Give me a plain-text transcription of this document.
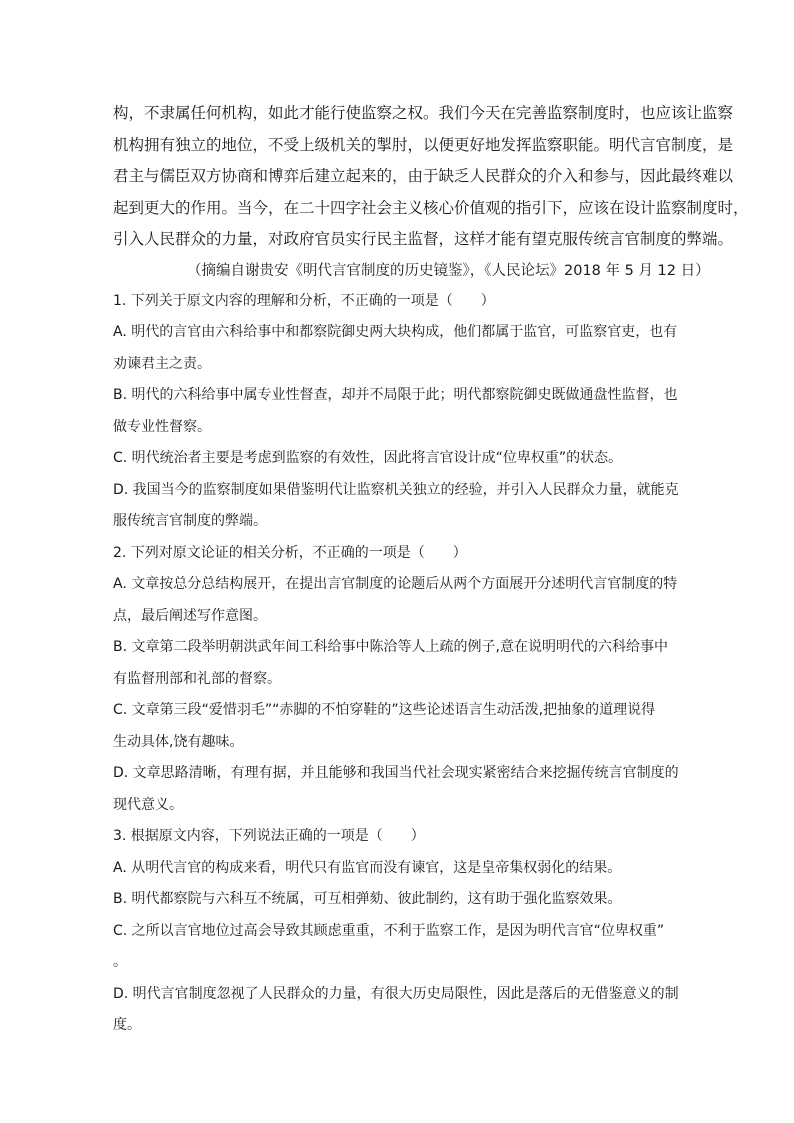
构，不隶属任何机构，如此才能行使监察之权。我们今天在完善监察制度时，也应该让监察
机构拥有独立的地位，不受上级机关的掣肘，以便更好地发挥监察职能。明代言官制度，是
君主与儒臣双方协商和博弈后建立起来的，由于缺乏人民群众的介入和参与，因此最终难以
起到更大的作用。当今，在二十四字社会主义核心价值观的指引下，应该在设计监察制度时，
引入人民群众的力量，对政府官员实行民主监督，这样才能有望克服传统言官制度的弊端。
（摘编自谢贵安《明代言官制度的历史镜鉴》，《人民论坛》2018 年 5 月 12 日）
1. 下列关于原文内容的理解和分析，不正确的一项是（　　）
A. 明代的言官由六科给事中和都察院御史两大块构成，他们都属于监官，可监察官吏，也有
劝谏君主之责。
B. 明代的六科给事中属专业性督查，却并不局限于此；明代都察院御史既做通盘性监督，也
做专业性督察。
C. 明代统治者主要是考虑到监察的有效性，因此将言官设计成“位卑权重”的状态。
D. 我国当今的监察制度如果借鉴明代让监察机关独立的经验，并引入人民群众力量，就能克
服传统言官制度的弊端。
2. 下列对原文论证的相关分析，不正确的一项是（　　）
A. 文章按总分总结构展开，在提出言官制度的论题后从两个方面展开分述明代言官制度的特
点，最后阐述写作意图。
B. 文章第二段举明朝洪武年间工科给事中陈洽等人上疏的例子,意在说明明代的六科给事中
有监督刑部和礼部的督察。
C. 文章第三段“爱惜羽毛”“赤脚的不怕穿鞋的”这些论述语言生动活泼,把抽象的道理说得
生动具体,饶有趣味。
D. 文章思路清晰，有理有据，并且能够和我国当代社会现实紧密结合来挖掘传统言官制度的
现代意义。
3. 根据原文内容，下列说法正确的一项是（　　）
A. 从明代言官的构成来看，明代只有监官而没有谏官，这是皇帝集权弱化的结果。
B. 明代都察院与六科互不统属，可互相弹劾、彼此制约，这有助于强化监察效果。
C. 之所以言官地位过高会导致其顾虑重重，不利于监察工作，是因为明代言官“位卑权重”
。
D. 明代言官制度忽视了人民群众的力量，有很大历史局限性，因此是落后的无借鉴意义的制
度。
